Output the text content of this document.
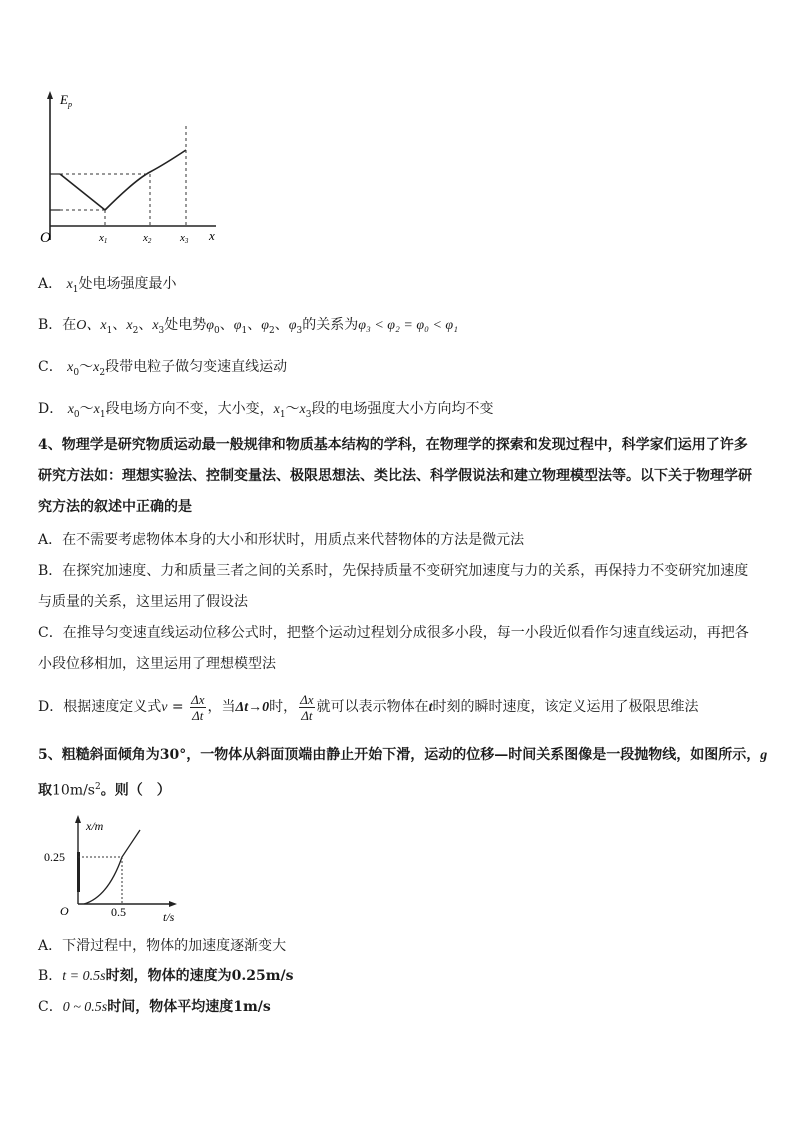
$E_p$
O	x
x1	x2	x3
A． $x_1$处电场强度最小
B．在O、$x_1$、$x_2$、$x_3$处电势$\varphi_0$、$\varphi_1$、$\varphi_2$、$\varphi_3$的关系为φ₃ < φ₂ = φ₀ < φ₁
C． $x_0\sim x_2$段带电粒子做匀变速直线运动
D． $x_0\sim x_1$段电场方向不变，大小变，$x_1\sim x_3$段的电场强度大小方向均不变
4、物理学是研究物质运动最一般规律和物质基本结构的学科，在物理学的探索和发现过程中，科学家们运用了许多研究方法如：理想实验法、控制变量法、极限思想法、类比法、科学假说法和建立物理模型法等。以下关于物理学研究方法的叙述中正确的是
A．在不需要考虑物体本身的大小和形状时，用质点来代替物体的方法是微元法
B．在探究加速度、力和质量三者之间的关系时，先保持质量不变研究加速度与力的关系，再保持力不变研究加速度与质量的关系，这里运用了假设法
C．在推导匀变速直线运动位移公式时，把整个运动过程划分成很多小段，每一小段近似看作匀速直线运动，再把各小段位移相加，这里运用了理想模型法
D．根据速度定义式$v = \frac{\Delta x}{\Delta t}$ ，当Δt→0时， $\frac{\Delta x}{\Delta t}$ 就可以表示物体在t时刻的瞬时速度，该定义运用了极限思维法
5、粗糙斜面倾角为30°，一物体从斜面顶端由静止开始下滑，运动的位移—时间关系图像是一段抛物线，如图所示，g
取$10m/s^2$。则（　）
x/m
0.25
O	0.5	t/s
A．下滑过程中，物体的加速度逐渐变大
B．t = 0.5s时刻，物体的速度为0.25m/s
C．0 ~ 0.5s时间，物体平均速度1m/s
